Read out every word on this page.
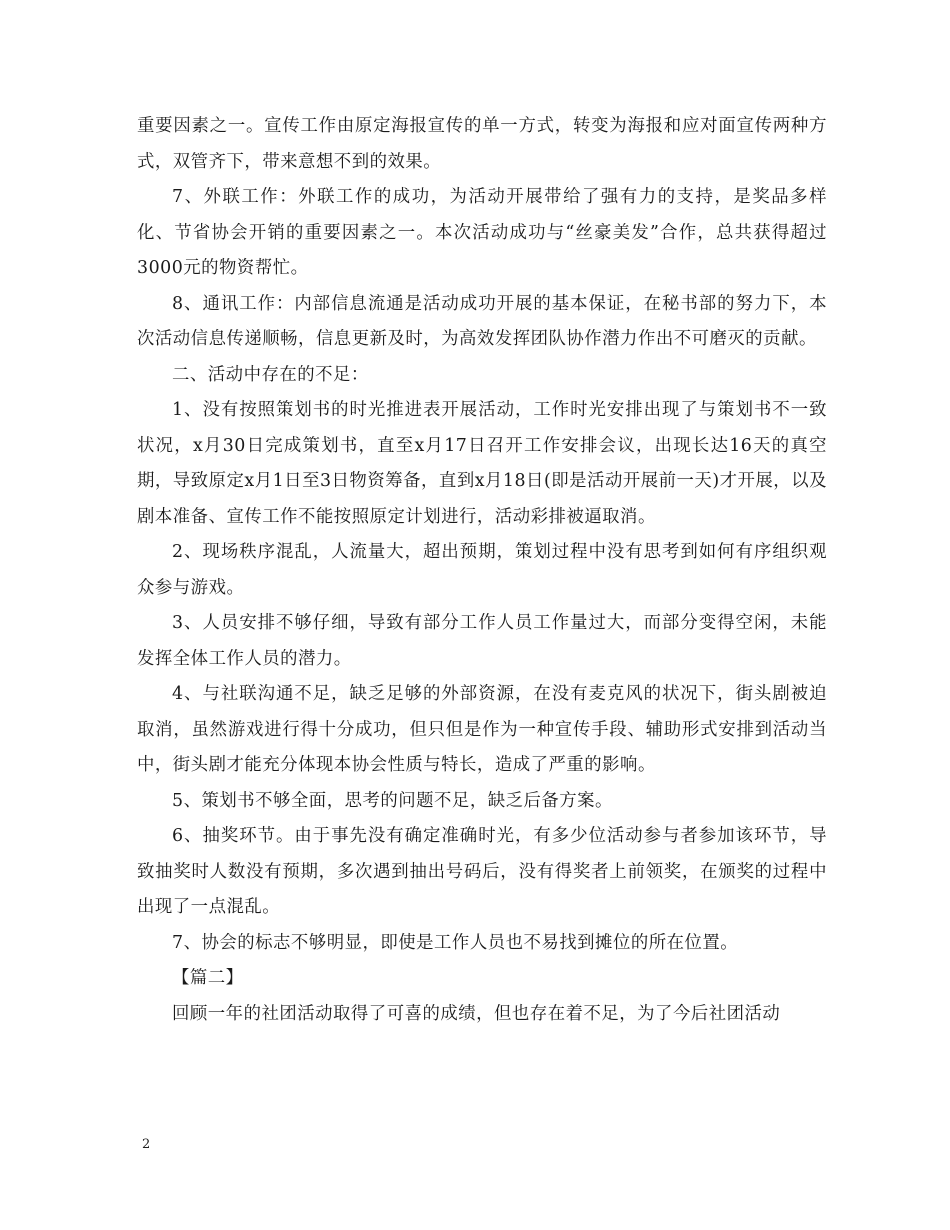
重要因素之一。宣传工作由原定海报宣传的单一方式，转变为海报和应对面宣传两种方式，双管齐下，带来意想不到的效果。

7、外联工作：外联工作的成功，为活动开展带给了强有力的支持，是奖品多样化、节省协会开销的重要因素之一。本次活动成功与“丝豪美发”合作，总共获得超过3000元的物资帮忙。

8、通讯工作：内部信息流通是活动成功开展的基本保证，在秘书部的努力下，本次活动信息传递顺畅，信息更新及时，为高效发挥团队协作潜力作出不可磨灭的贡献。

二、活动中存在的不足：

1、没有按照策划书的时光推进表开展活动，工作时光安排出现了与策划书不一致状况，x月30日完成策划书，直至x月17日召开工作安排会议，出现长达16天的真空期，导致原定x月1日至3日物资筹备，直到x月18日(即是活动开展前一天)才开展，以及剧本准备、宣传工作不能按照原定计划进行，活动彩排被逼取消。

2、现场秩序混乱，人流量大，超出预期，策划过程中没有思考到如何有序组织观众参与游戏。

3、人员安排不够仔细，导致有部分工作人员工作量过大，而部分变得空闲，未能发挥全体工作人员的潜力。

4、与社联沟通不足，缺乏足够的外部资源，在没有麦克风的状况下，街头剧被迫取消，虽然游戏进行得十分成功，但只但是作为一种宣传手段、辅助形式安排到活动当中，街头剧才能充分体现本协会性质与特长，造成了严重的影响。

5、策划书不够全面，思考的问题不足，缺乏后备方案。

6、抽奖环节。由于事先没有确定准确时光，有多少位活动参与者参加该环节，导致抽奖时人数没有预期，多次遇到抽出号码后，没有得奖者上前领奖，在颁奖的过程中出现了一点混乱。

7、协会的标志不够明显，即使是工作人员也不易找到摊位的所在位置。

【篇二】

回顾一年的社团活动取得了可喜的成绩，但也存在着不足，为了今后社团活动

2
